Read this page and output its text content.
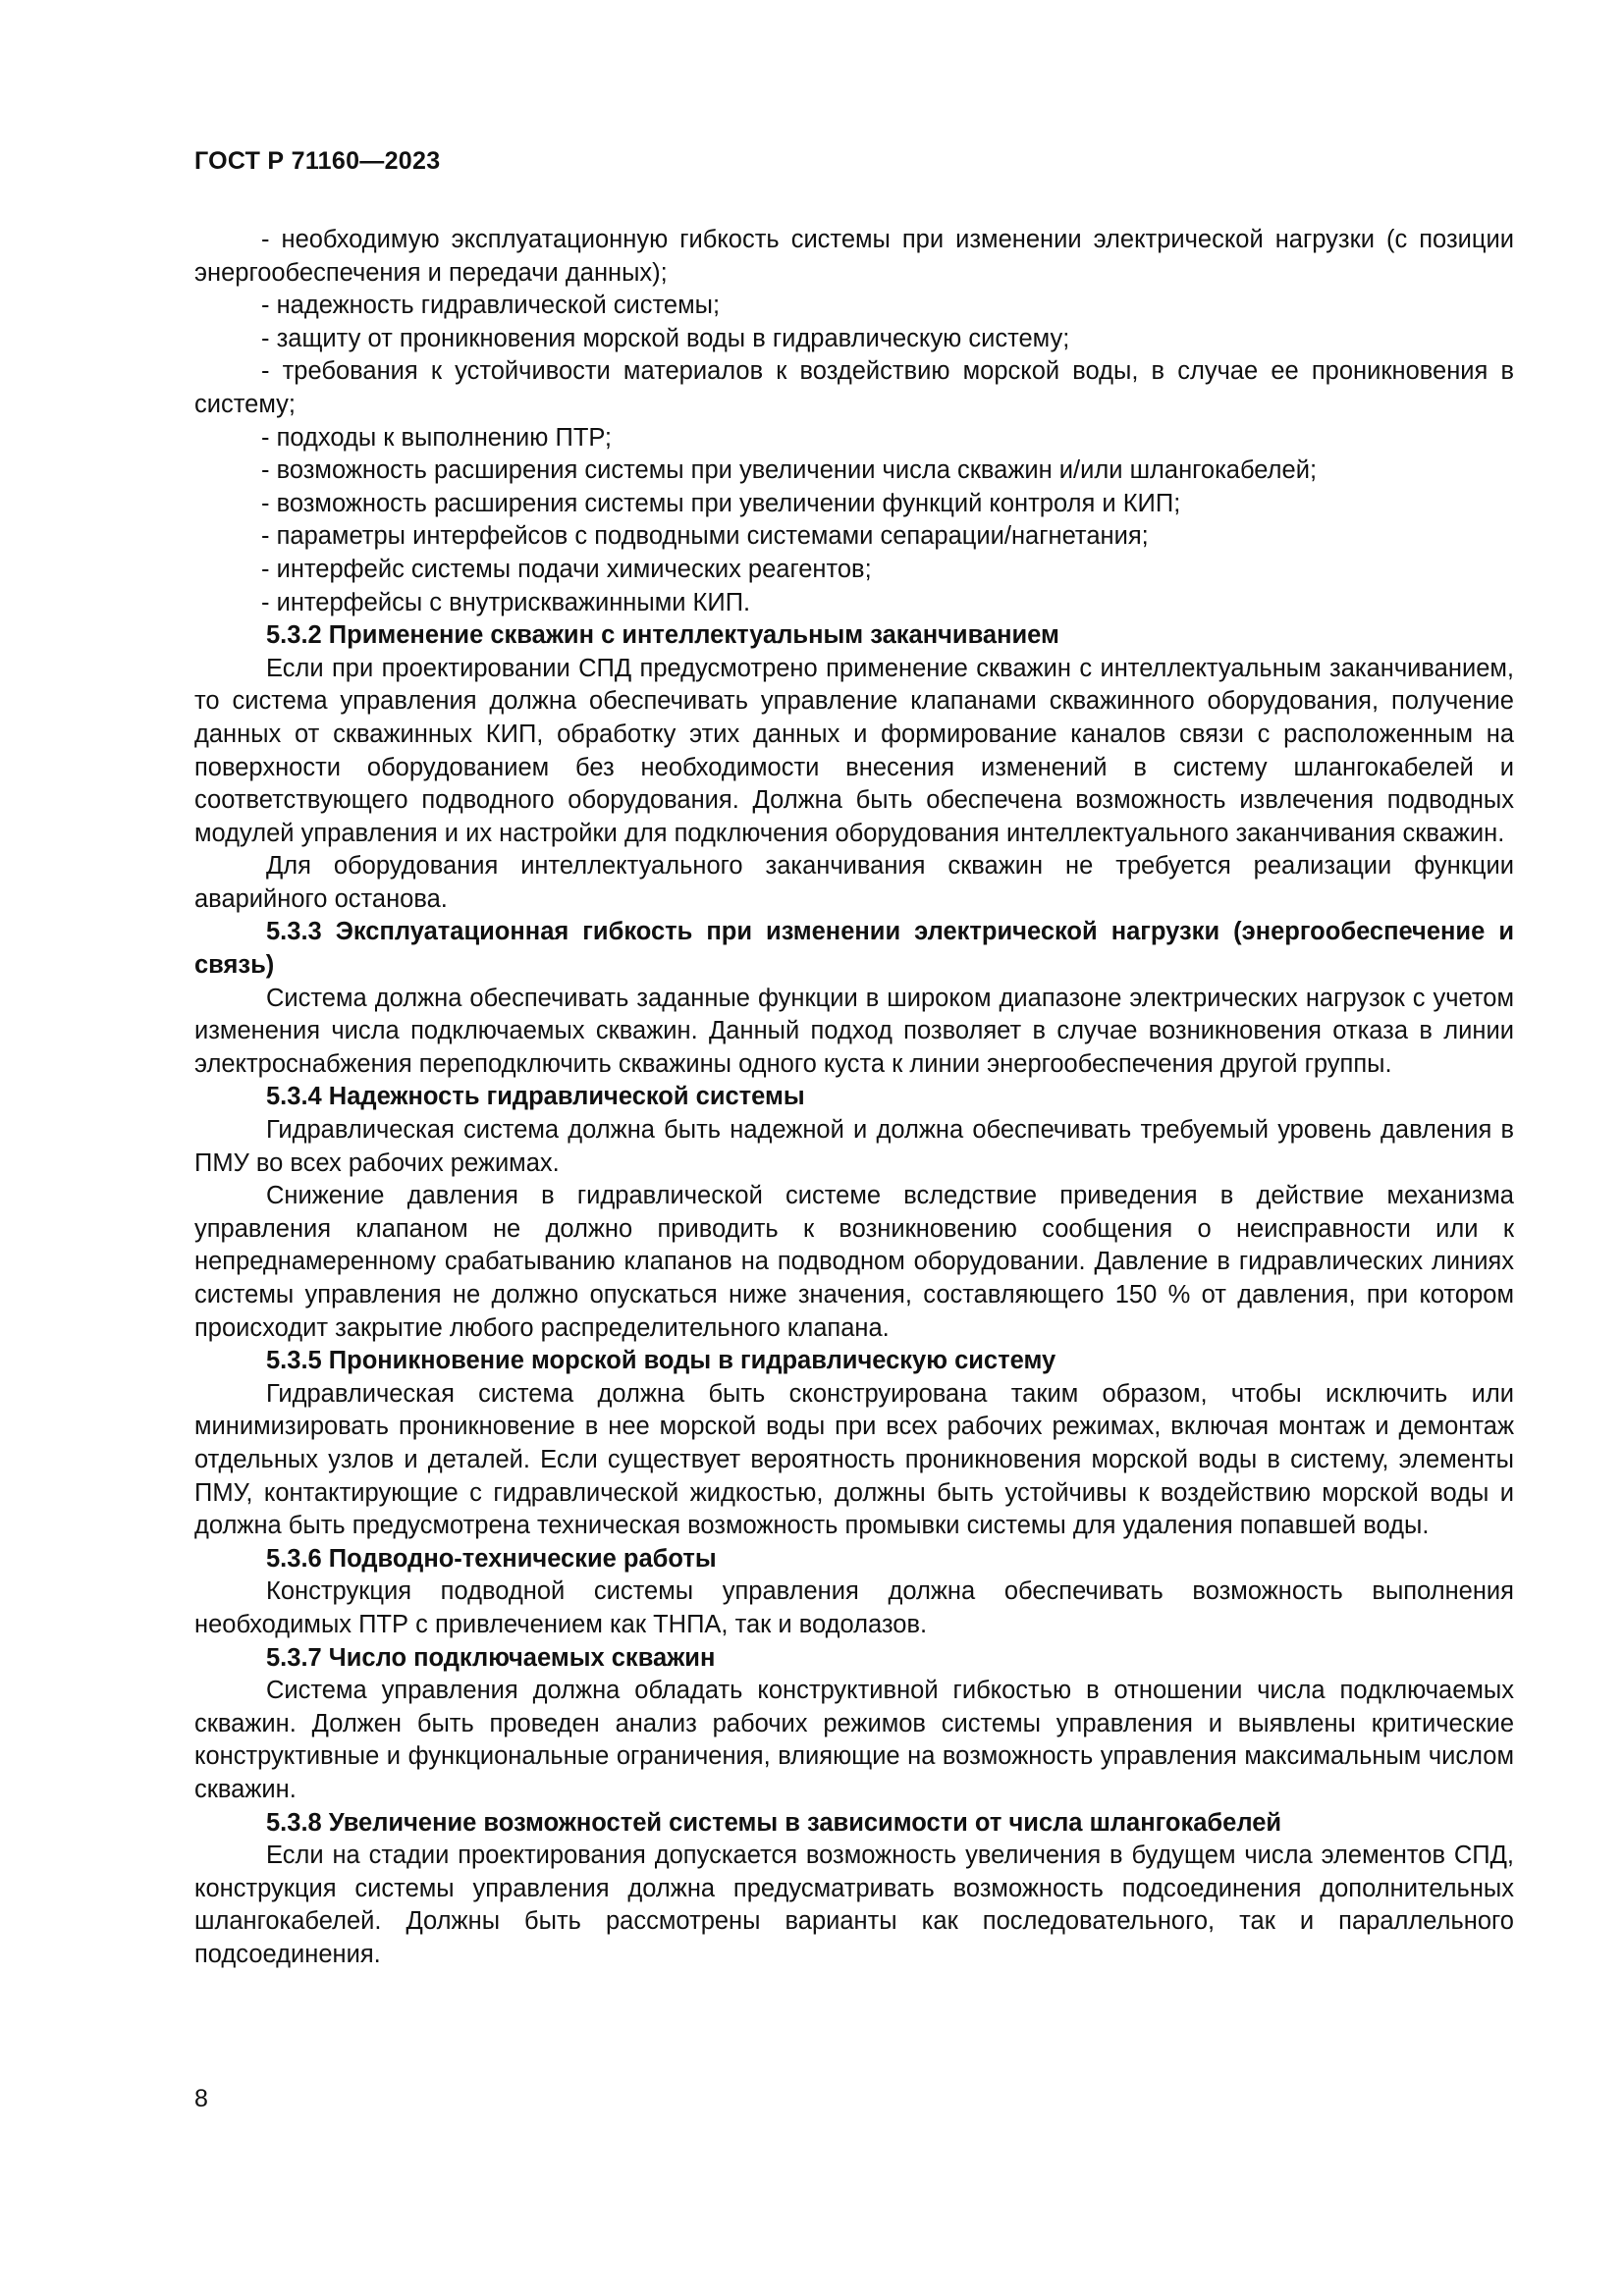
ГОСТ Р 71160—2023

- необходимую эксплуатационную гибкость системы при изменении электрической нагрузки (с позиции энергообеспечения и передачи данных);

- надежность гидравлической системы;

- защиту от проникновения морской воды в гидравлическую систему;

- требования к устойчивости материалов к воздействию морской воды, в случае ее проникновения в систему;

- подходы к выполнению ПТР;

- возможность расширения системы при увеличении числа скважин и/или шлангокабелей;

- возможность расширения системы при увеличении функций контроля и КИП;

- параметры интерфейсов с подводными системами сепарации/нагнетания;

- интерфейс системы подачи химических реагентов;

- интерфейсы с внутрискважинными КИП.

5.3.2 Применение скважин с интеллектуальным заканчиванием

Если при проектировании СПД предусмотрено применение скважин с интеллектуальным заканчиванием, то система управления должна обеспечивать управление клапанами скважинного оборудования, получение данных от скважинных КИП, обработку этих данных и формирование каналов связи с расположенным на поверхности оборудованием без необходимости внесения изменений в систему шлангокабелей и соответствующего подводного оборудования. Должна быть обеспечена возможность извлечения подводных модулей управления и их настройки для подключения оборудования интеллектуального заканчивания скважин.

Для оборудования интеллектуального заканчивания скважин не требуется реализации функции аварийного останова.

5.3.3 Эксплуатационная гибкость при изменении электрической нагрузки (энергообеспечение и связь)

Система должна обеспечивать заданные функции в широком диапазоне электрических нагрузок с учетом изменения числа подключаемых скважин. Данный подход позволяет в случае возникновения отказа в линии электроснабжения переподключить скважины одного куста к линии энергообеспечения другой группы.

5.3.4 Надежность гидравлической системы

Гидравлическая система должна быть надежной и должна обеспечивать требуемый уровень давления в ПМУ во всех рабочих режимах.

Снижение давления в гидравлической системе вследствие приведения в действие механизма управления клапаном не должно приводить к возникновению сообщения о неисправности или к непреднамеренному срабатыванию клапанов на подводном оборудовании. Давление в гидравлических линиях системы управления не должно опускаться ниже значения, составляющего 150 % от давления, при котором происходит закрытие любого распределительного клапана.

5.3.5 Проникновение морской воды в гидравлическую систему

Гидравлическая система должна быть сконструирована таким образом, чтобы исключить или минимизировать проникновение в нее морской воды при всех рабочих режимах, включая монтаж и демонтаж отдельных узлов и деталей. Если существует вероятность проникновения морской воды в систему, элементы ПМУ, контактирующие с гидравлической жидкостью, должны быть устойчивы к воздействию морской воды и должна быть предусмотрена техническая возможность промывки системы для удаления попавшей воды.

5.3.6 Подводно-технические работы

Конструкция подводной системы управления должна обеспечивать возможность выполнения необходимых ПТР с привлечением как ТНПА, так и водолазов.

5.3.7 Число подключаемых скважин

Система управления должна обладать конструктивной гибкостью в отношении числа подключаемых скважин. Должен быть проведен анализ рабочих режимов системы управления и выявлены критические конструктивные и функциональные ограничения, влияющие на возможность управления максимальным числом скважин.

5.3.8 Увеличение возможностей системы в зависимости от числа шлангокабелей

Если на стадии проектирования допускается возможность увеличения в будущем числа элементов СПД, конструкция системы управления должна предусматривать возможность подсоединения дополнительных шлангокабелей. Должны быть рассмотрены варианты как последовательного, так и параллельного подсоединения.

8
